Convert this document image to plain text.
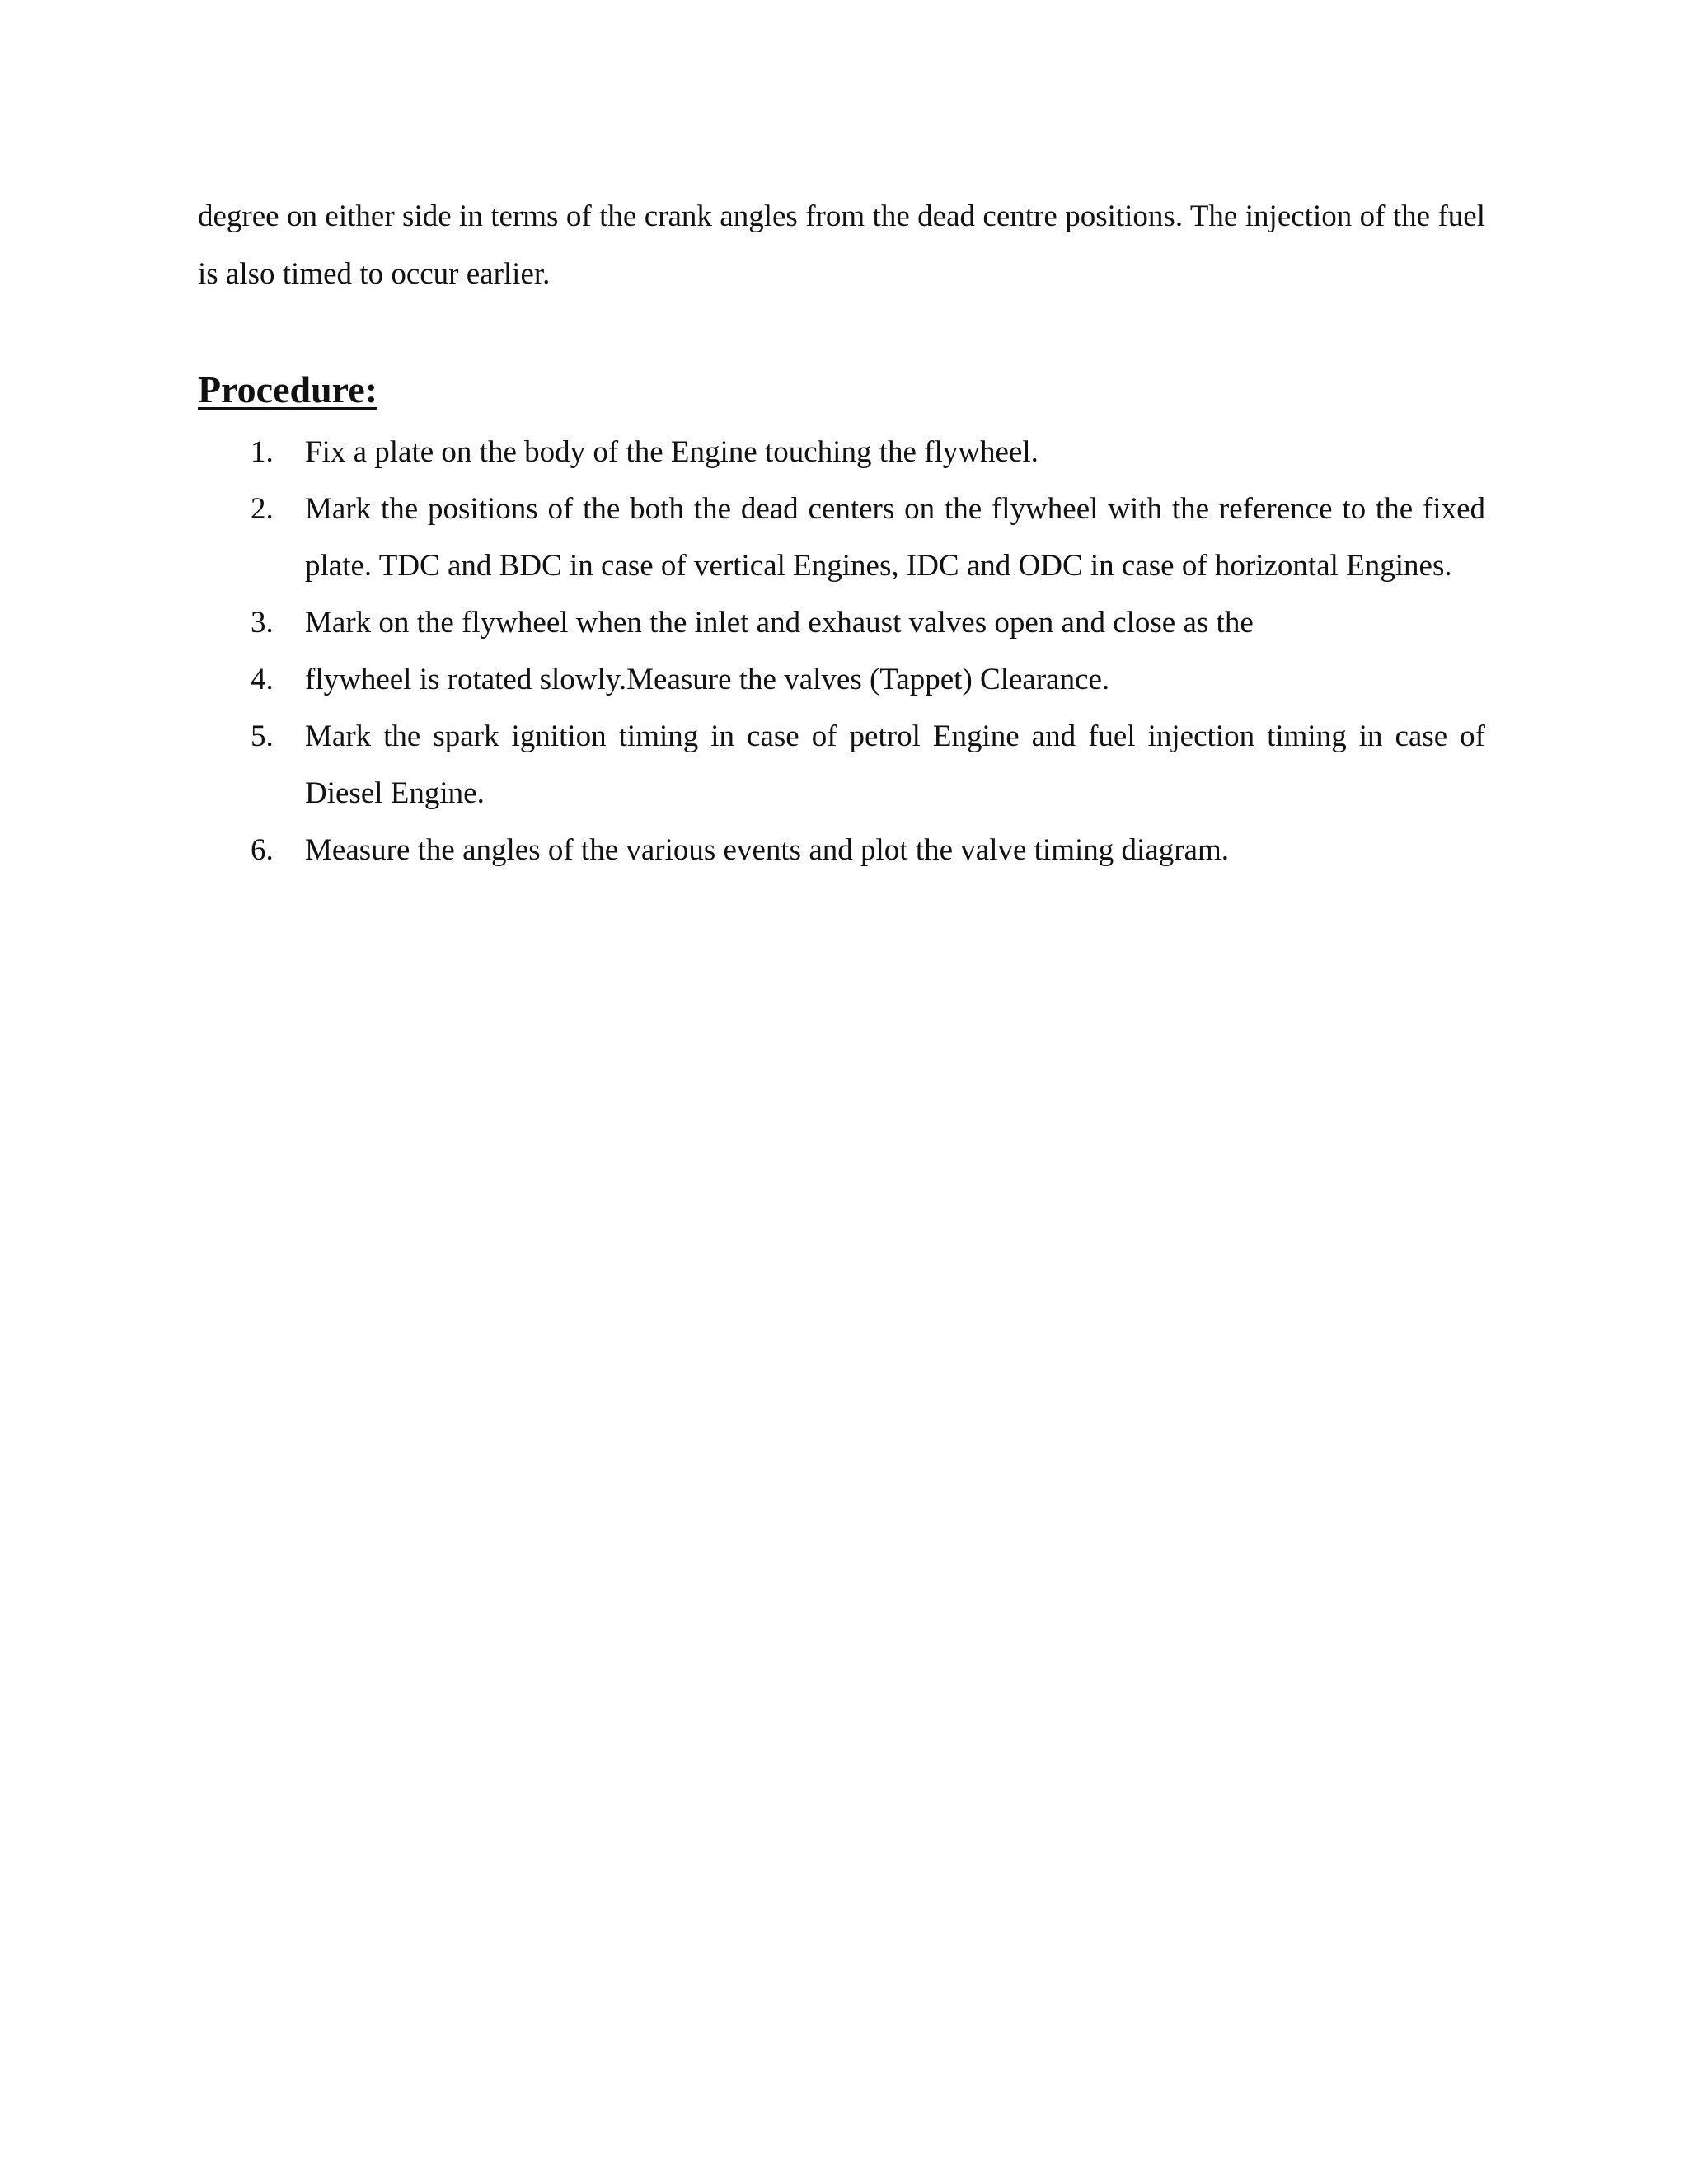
degree on either side in terms of the crank angles from the dead centre positions. The injection of the fuel is also timed to occur earlier.

Procedure:
1.	Fix a plate on the body of the Engine touching the flywheel.
2.	Mark the positions of the both the dead centers on the flywheel with the reference to the fixed plate. TDC and BDC in case of vertical Engines, IDC and ODC in case of horizontal Engines.
3.	Mark on the flywheel when the inlet and exhaust valves open and close as the
4.	flywheel is rotated slowly.Measure the valves (Tappet) Clearance.
5.	Mark the spark ignition timing in case of petrol Engine and fuel injection timing in case of Diesel Engine.
6.	Measure the angles of the various events and plot the valve timing diagram.
